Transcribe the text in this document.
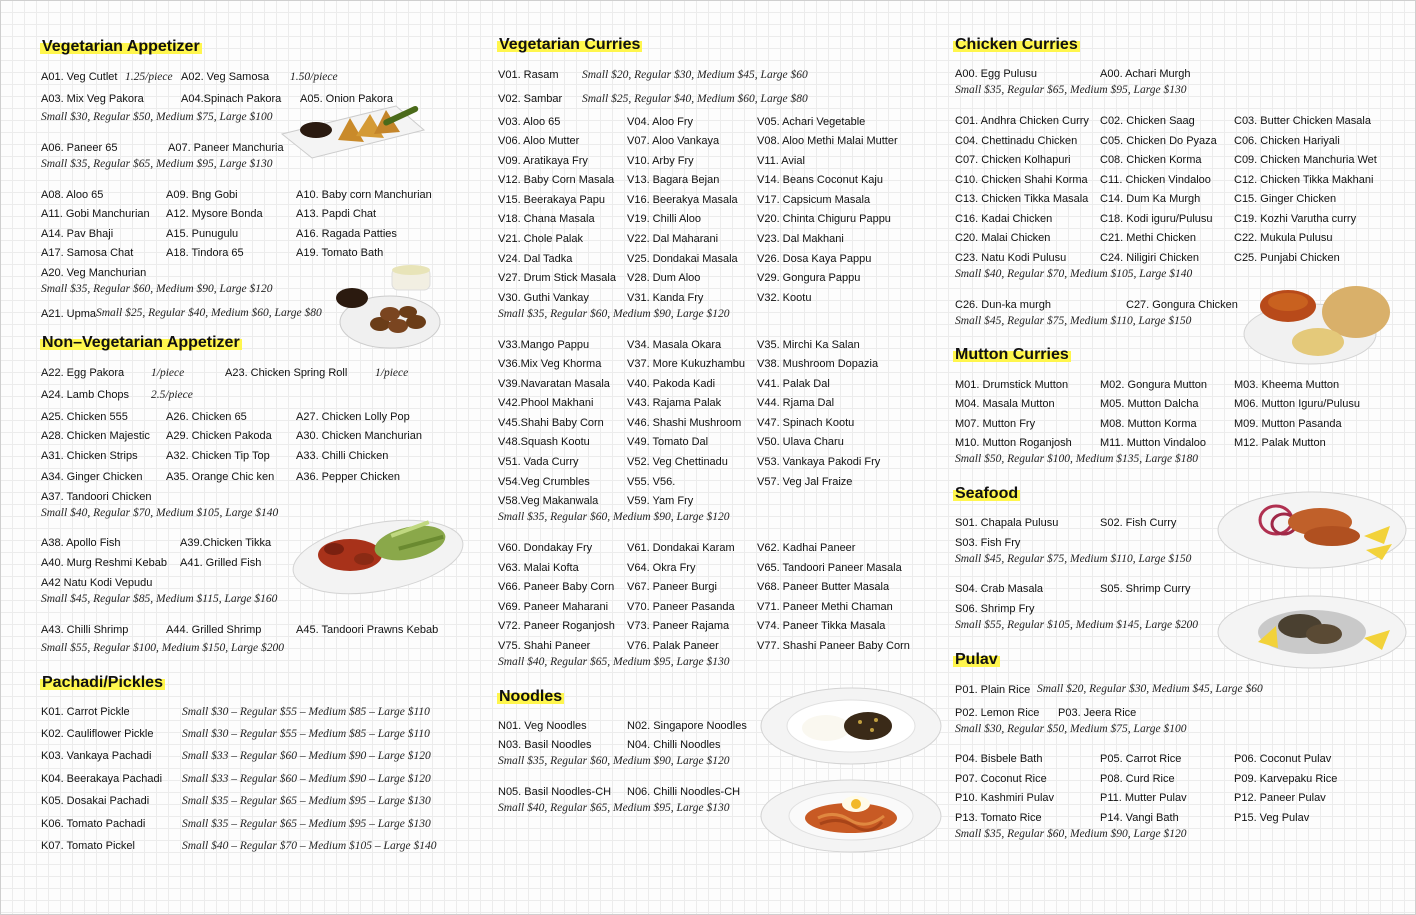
Vegetarian Appetizer
A01. Veg Cutlet 1.25/piece A02. Veg Samosa 1.50/piece
A03. Mix Veg Pakora	A04.Spinach Pakora A05. Onion Pakora
Small $30, Regular $50, Medium $75, Large $100
A06. Paneer 65	A07. Paneer Manchuria
Small $35, Regular $65, Medium $95, Large $130
A08. Aloo 65	A09. Bng Gobi	A10. Baby corn Manchurian
A11. Gobi Manchurian A12. Mysore Bonda	A13. Papdi Chat
A14. Pav Bhaji	A15. Punugulu	A16. Ragada Patties
A17. Samosa Chat	A18. Tindora 65	A19. Tomato Bath
A20. Veg Manchurian
Small $35, Regular $60, Medium $90, Large $120
A21. Upma Small $25, Regular $40, Medium $60, Large $80
Non–Vegetarian Appetizer
A22. Egg Pakora 1/piece	A23. Chicken Spring Roll 1/piece
A24. Lamb Chops 2.5/piece
A25. Chicken 555	A26. Chicken 65	A27. Chicken Lolly Pop
A28. Chicken Majestic A29. Chicken Pakoda A30. Chicken Manchurian
A31. Chicken Strips	A32. Chicken Tip Top A33. Chilli Chicken
A34. Ginger Chicken A35. Orange Chic ken A36. Pepper Chicken
A37. Tandoori Chicken
Small $40, Regular $70, Medium $105, Large $140
A38. Apollo Fish	A39.Chicken Tikka
A40. Murg Reshmi Kebab A41. Grilled Fish
A42 Natu Kodi Vepudu
Small $45, Regular $85, Medium $115, Large $160
A43. Chilli Shrimp	A44. Grilled Shrimp	A45. Tandoori Prawns Kebab
Small $55, Regular $100, Medium $150, Large $200
Pachadi/Pickles
K01. Carrot Pickle	Small $30 – Regular $55 – Medium $85 – Large $110
K02. Cauliflower Pickle Small $30 – Regular $55 – Medium $85 – Large $110
K03. Vankaya Pachadi	Small $33 – Regular $60 – Medium $90 – Large $120
K04. Beerakaya Pachadi Small $33 – Regular $60 – Medium $90 – Large $120
K05. Dosakai Pachadi	Small $35 – Regular $65 – Medium $95 – Large $130
K06. Tomato Pachadi	Small $35 – Regular $65 – Medium $95 – Large $130
K07. Tomato Pickel	Small $40 – Regular $70 – Medium $105 – Large $140
Vegetarian Curries
V01. Rasam Small $20, Regular $30, Medium $45, Large $60
V02. Sambar Small $25, Regular $40, Medium $60, Large $80
V03. Aloo 65	V04. Aloo Fry	V05. Achari Vegetable
V06. Aloo Mutter	V07. Aloo Vankaya	V08. Aloo Methi Malai Mutter
V09. Aratikaya Fry	V10. Arby Fry	V11. Avial
V12. Baby Corn Masala V13. Bagara Bejan	V14. Beans Coconut Kaju
V15. Beerakaya Papu V16. Beerakya Masala V17. Capsicum Masala
V18. Chana Masala	V19. Chilli Aloo	V20. Chinta Chiguru Pappu
V21. Chole Palak	V22. Dal Maharani	V23. Dal Makhani
V24. Dal Tadka	V25. Dondakai Masala V26. Dosa Kaya Pappu
V27. Drum Stick Masala V28. Dum Aloo	V29. Gongura Pappu
V30. Guthi Vankay	V31. Kanda Fry	V32. Kootu
Small $35, Regular $60, Medium $90, Large $120
V33.Mango Pappu	V34. Masala Okara	V35. Mirchi Ka Salan
V36.Mix Veg Khorma V37. More Kukuzhambu V38. Mushroom Dopazia
V39.Navaratan Masala V40. Pakoda Kadi	V41. Palak Dal
V42.Phool Makhani	V43. Rajama Palak	V44. Rjama Dal
V45.Shahi Baby Corn V46. Shashi Mushroom V47. Spinach Kootu
V48.Squash Kootu	V49. Tomato Dal	V50. Ulava Charu
V51. Vada Curry	V52. Veg Chettinadu	V53. Vankaya Pakodi Fry
V54.Veg Crumbles	V55. V56.	V57. Veg Jal Fraize
V58.Veg Makanwala	V59. Yam Fry
Small $35, Regular $60, Medium $90, Large $120
V60. Dondakay Fry	V61. Dondakai Karam V62. Kadhai Paneer
V63. Malai Kofta	V64. Okra Fry	V65. Tandoori Paneer Masala
V66. Paneer Baby Corn V67. Paneer Burgi	V68. Paneer Butter Masala
V69. Paneer Maharani V70. Paneer Pasanda V71. Paneer Methi Chaman
V72. Paneer Roganjosh V73. Paneer Rajama	V74. Paneer Tikka Masala
V75. Shahi Paneer	V76. Palak Paneer	V77. Shashi Paneer Baby Corn
Small $40, Regular $65, Medium $95, Large $130
Noodles
N01. Veg Noodles	N02. Singapore Noodles
N03. Basil Noodles	N04. Chilli Noodles
Small $35, Regular $60, Medium $90, Large $120
N05. Basil Noodles-CH N06. Chilli Noodles-CH
Small $40, Regular $65, Medium $95, Large $130
Chicken Curries
A00. Egg Pulusu	A00. Achari Murgh
Small $35, Regular $65, Medium $95, Large $130
C01. Andhra Chicken Curry C02. Chicken Saag	C03. Butter Chicken Masala
C04. Chettinadu Chicken C05. Chicken Do Pyaza C06. Chicken Hariyali
C07. Chicken Kolhapuri	C08. Chicken Korma	C09. Chicken Manchuria Wet
C10. Chicken Shahi Korma C11. Chicken Vindaloo C12. Chicken Tikka Makhani
C13. Chicken Tikka Masala C14. Dum Ka Murgh	C15. Ginger Chicken
C16. Kadai Chicken	C18. Kodi iguru/Pulusu C19. Kozhi Varutha curry
C20. Malai Chicken	C21. Methi Chicken	C22. Mukula Pulusu
C23. Natu Kodi Pulusu	C24. Niligiri Chicken	C25. Punjabi Chicken
Small $40, Regular $70, Medium $105, Large $140
C26. Dun-ka murgh	C27. Gongura Chicken
Small $45, Regular $75, Medium $110, Large $150
Mutton Curries
M01. Drumstick Mutton	M02. Gongura Mutton M03. Kheema Mutton
M04. Masala Mutton	M05. Mutton Dalcha	M06. Mutton Iguru/Pulusu
M07. Mutton Fry	M08. Mutton Korma	M09. Mutton Pasanda
M10. Mutton Roganjosh	M11. Mutton Vindaloo	M12. Palak Mutton
Small $50, Regular $100, Medium $135, Large $180
Seafood
S01. Chapala Pulusu	S02. Fish Curry
S03. Fish Fry
Small $45, Regular $75, Medium $110, Large $150
S04. Crab Masala	S05. Shrimp Curry
S06. Shrimp Fry
Small $55, Regular $105, Medium $145, Large $200
Pulav
P01. Plain Rice Small $20, Regular $30, Medium $45, Large $60
P02. Lemon Rice P03. Jeera Rice
Small $30, Regular $50, Medium $75, Large $100
P04. Bisbele Bath	P05. Carrot Rice	P06. Coconut Pulav
P07. Coconut Rice	P08. Curd Rice	P09. Karvepaku Rice
P10. Kashmiri Pulav	P11. Mutter Pulav	P12. Paneer Pulav
P13. Tomato Rice	P14. Vangi Bath	P15. Veg Pulav
Small $35, Regular $60, Medium $90, Large $120
